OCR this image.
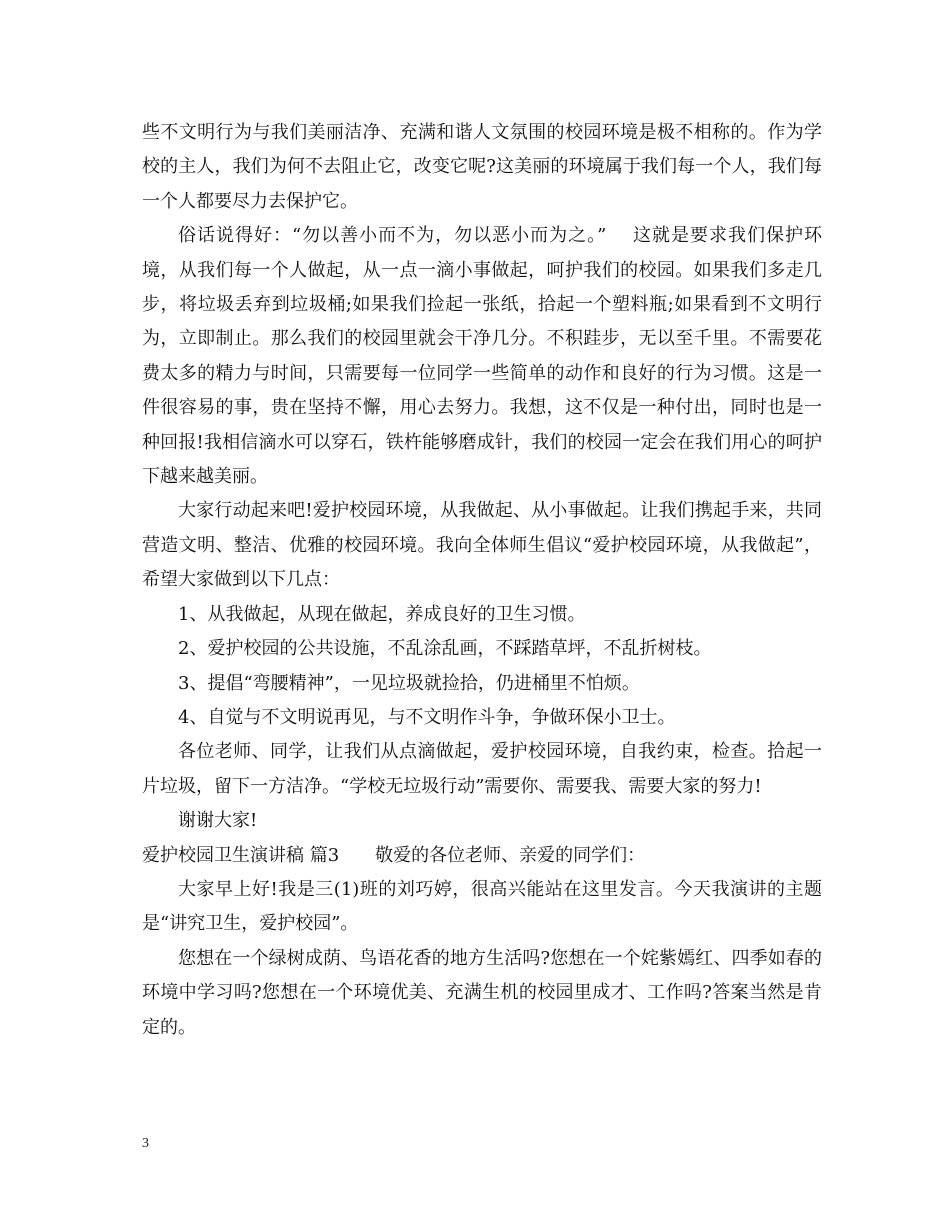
些不文明行为与我们美丽洁净、充满和谐人文氛围的校园环境是极不相称的。作为学校的主人，我们为何不去阻止它，改变它呢?这美丽的环境属于我们每一个人，我们每一个人都要尽力去保护它。

俗话说得好：“勿以善小而不为，勿以恶小而为之。”　 这就是要求我们保护环境，从我们每一个人做起，从一点一滴小事做起，呵护我们的校园。如果我们多走几步，将垃圾丢弃到垃圾桶;如果我们捡起一张纸，拾起一个塑料瓶;如果看到不文明行为，立即制止。那么我们的校园里就会干净几分。不积跬步，无以至千里。不需要花费太多的精力与时间，只需要每一位同学一些简单的动作和良好的行为习惯。这是一件很容易的事，贵在坚持不懈，用心去努力。我想，这不仅是一种付出，同时也是一种回报!我相信滴水可以穿石，铁杵能够磨成针，我们的校园一定会在我们用心的呵护下越来越美丽。

大家行动起来吧!爱护校园环境，从我做起、从小事做起。让我们携起手来，共同营造文明、整洁、优雅的校园环境。我向全体师生倡议“爱护校园环境，从我做起”，希望大家做到以下几点：

1、从我做起，从现在做起，养成良好的卫生习惯。

2、爱护校园的公共设施，不乱涂乱画，不踩踏草坪，不乱折树枝。

3、提倡“弯腰精神”，一见垃圾就捡拾，仍进桶里不怕烦。

4、自觉与不文明说再见，与不文明作斗争，争做环保小卫士。

各位老师、同学，让我们从点滴做起，爱护校园环境，自我约束，检查。拾起一片垃圾，留下一方洁净。“学校无垃圾行动”需要你、需要我、需要大家的努力!

谢谢大家!

爱护校园卫生演讲稿 篇3　　敬爱的各位老师、亲爱的同学们：

大家早上好!我是三(1)班的刘巧婷，很高兴能站在这里发言。今天我演讲的主题是“讲究卫生，爱护校园”。

您想在一个绿树成荫、鸟语花香的地方生活吗?您想在一个姹紫嫣红、四季如春的环境中学习吗?您想在一个环境优美、充满生机的校园里成才、工作吗?答案当然是肯定的。

3
